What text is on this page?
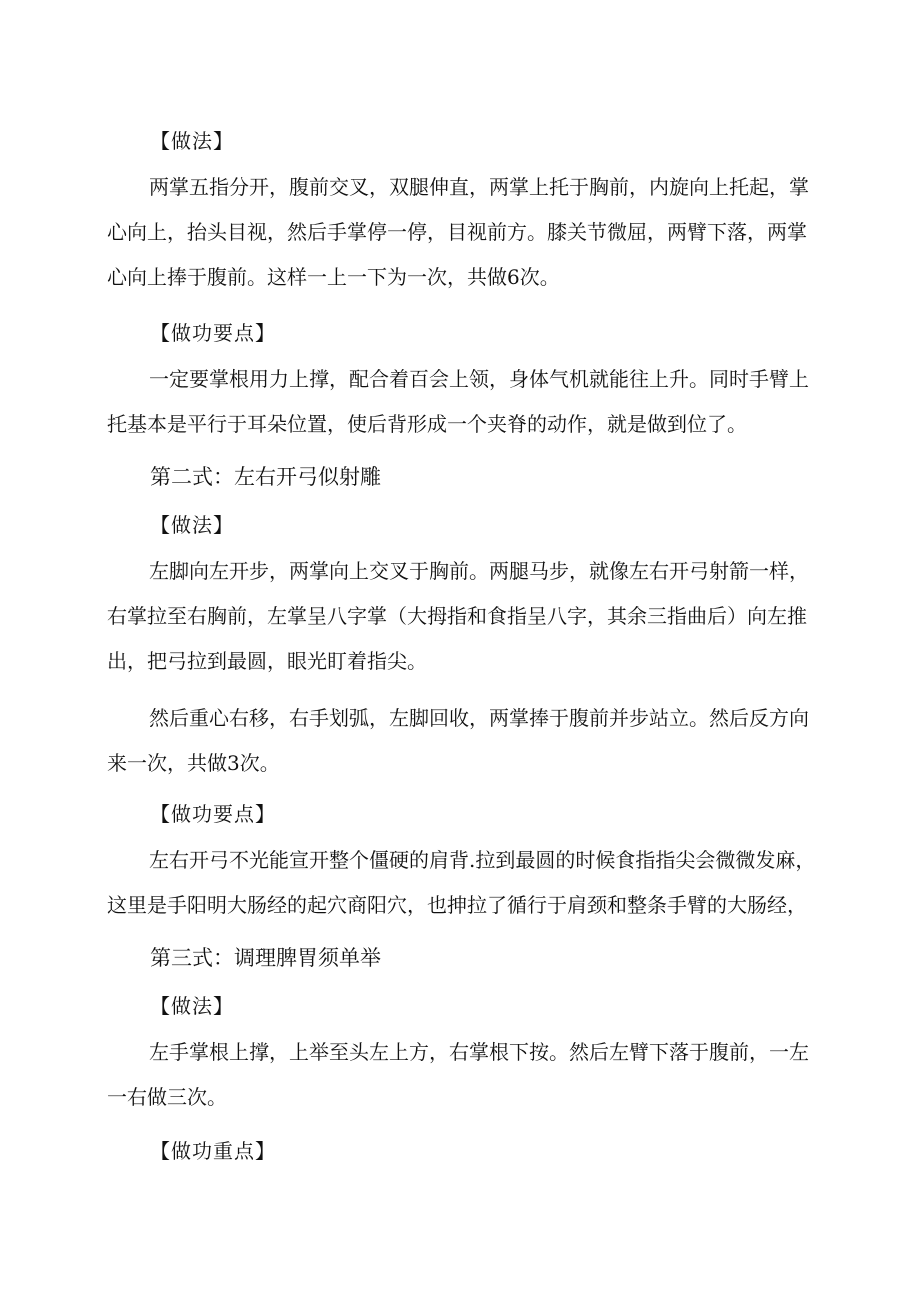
【做法】
两掌五指分开，腹前交叉，双腿伸直，两掌上托于胸前，内旋向上托起，掌
心向上，抬头目视，然后手掌停一停，目视前方。膝关节微屈，两臂下落，两掌
心向上捧于腹前。这样一上一下为一次，共做6次。
【做功要点】
一定要掌根用力上撑，配合着百会上领，身体气机就能往上升。同时手臂上
托基本是平行于耳朵位置，使后背形成一个夹脊的动作，就是做到位了。
第二式：左右开弓似射雕
【做法】
左脚向左开步，两掌向上交叉于胸前。两腿马步，就像左右开弓射箭一样，
右掌拉至右胸前，左掌呈八字掌（大拇指和食指呈八字，其余三指曲后）向左推
出，把弓拉到最圆，眼光盯着指尖。
然后重心右移，右手划弧，左脚回收，两掌捧于腹前并步站立。然后反方向
来一次，共做3次。
【做功要点】
左右开弓不光能宣开整个僵硬的肩背.拉到最圆的时候食指指尖会微微发麻，
这里是手阳明大肠经的起穴商阳穴，也抻拉了循行于肩颈和整条手臂的大肠经，
第三式：调理脾胃须单举
【做法】
左手掌根上撑，上举至头左上方，右掌根下按。然后左臂下落于腹前，一左
一右做三次。
【做功重点】
